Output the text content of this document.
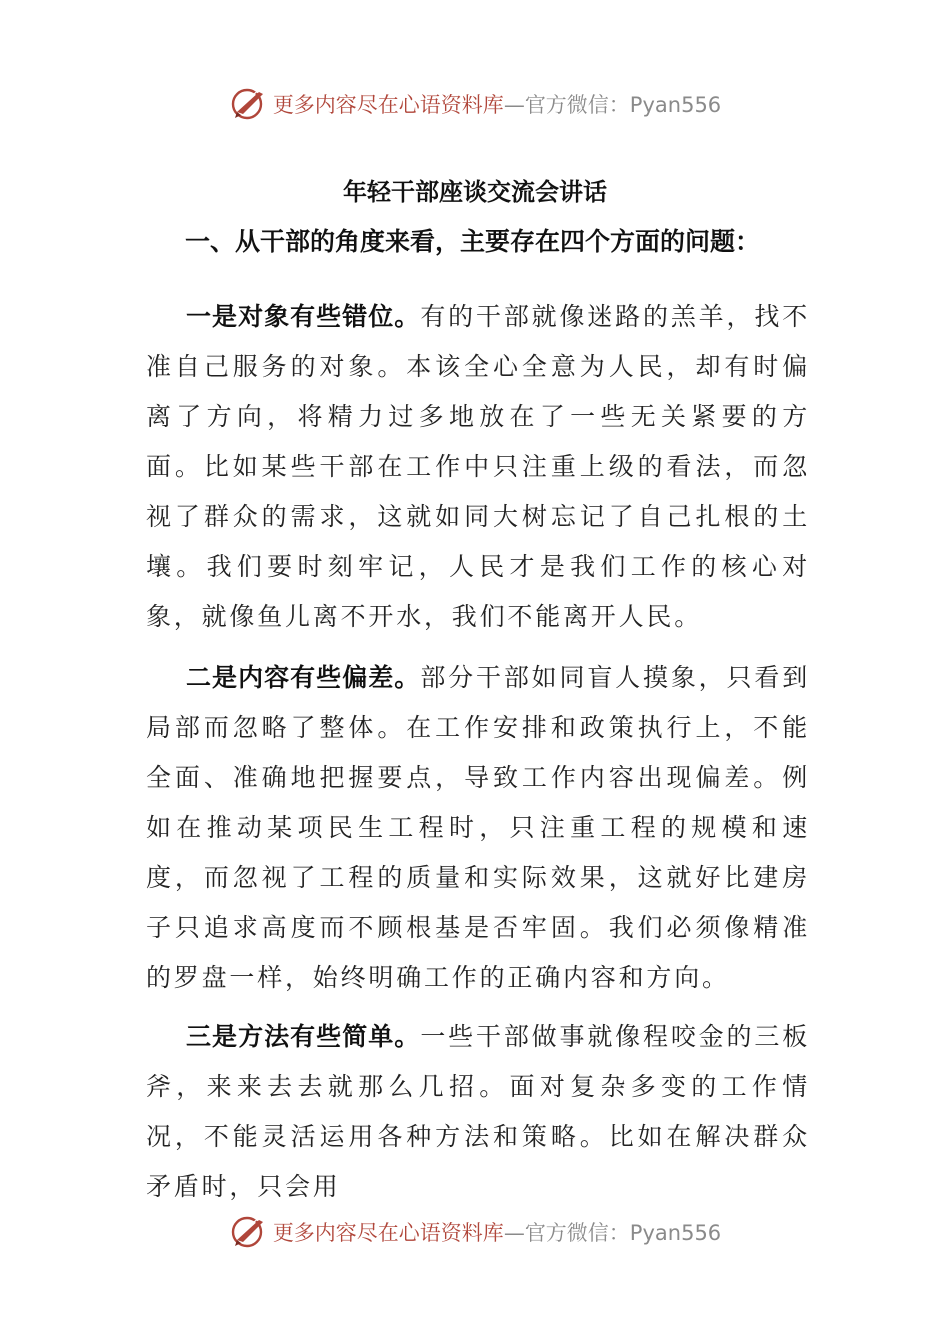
更多内容尽在心语资料库 —官方微信：Pyan556
年轻干部座谈交流会讲话
一、从干部的角度来看，主要存在四个方面的问题：

一是对象有些错位。有的干部就像迷路的羔羊，找不准自己服务的对象。本该全心全意为人民，却有时偏离了方向，将精力过多地放在了一些无关紧要的方面。比如某些干部在工作中只注重上级的看法，而忽视了群众的需求，这就如同大树忘记了自己扎根的土壤。我们要时刻牢记，人民才是我们工作的核心对象，就像鱼儿离不开水，我们不能离开人民。

二是内容有些偏差。部分干部如同盲人摸象，只看到局部而忽略了整体。在工作安排和政策执行上，不能全面、准确地把握要点，导致工作内容出现偏差。例如在推动某项民生工程时，只注重工程的规模和速度，而忽视了工程的质量和实际效果，这就好比建房子只追求高度而不顾根基是否牢固。我们必须像精准的罗盘一样，始终明确工作的正确内容和方向。

三是方法有些简单。一些干部做事就像程咬金的三板斧，来来去去就那么几招。面对复杂多变的工作情况，不能灵活运用各种方法和策略。比如在解决群众矛盾时，只会用

更多内容尽在心语资料库 —官方微信：Pyan556
